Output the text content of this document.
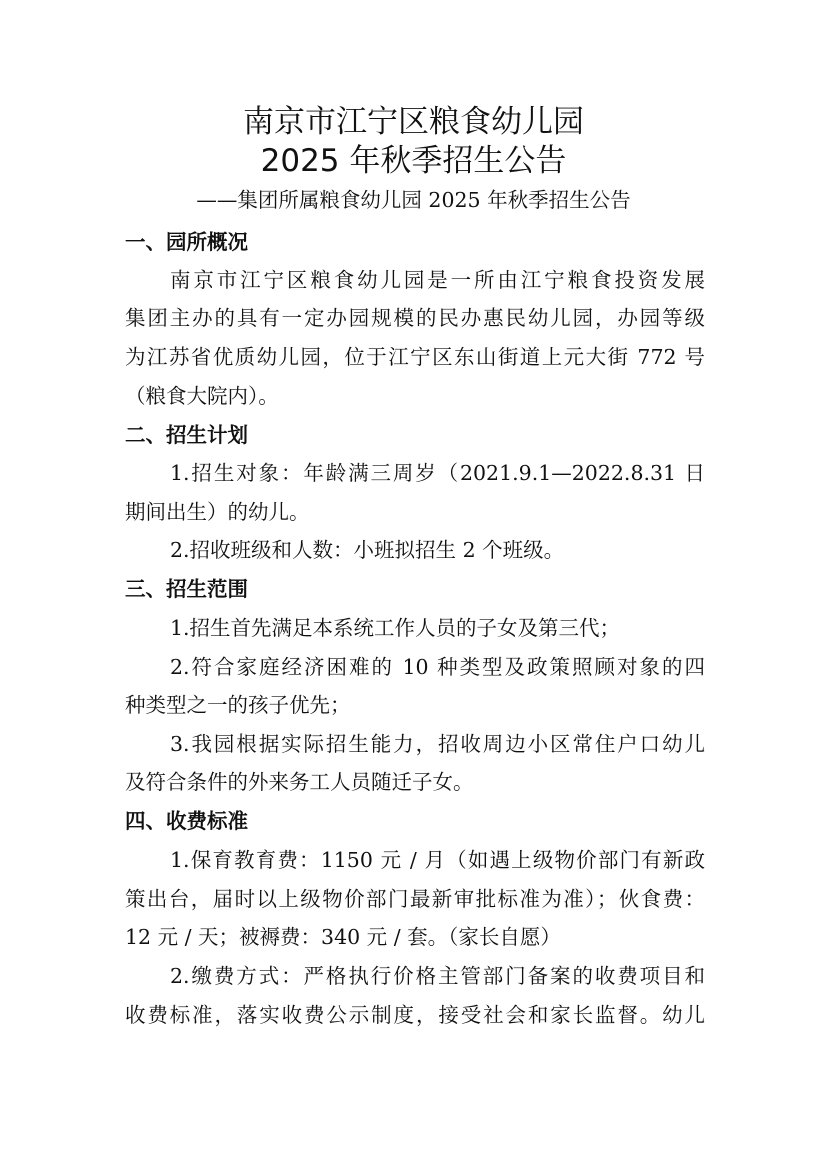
南京市江宁区粮食幼儿园
2025 年秋季招生公告
——集团所属粮食幼儿园 2025 年秋季招生公告
一、园所概况
南京市江宁区粮食幼儿园是一所由江宁粮食投资发展
集团主办的具有一定办园规模的民办惠民幼儿园，办园等级
为江苏省优质幼儿园，位于江宁区东山街道上元大街 772 号
（粮食大院内）。
二、招生计划
1.招生对象：年龄满三周岁（2021.9.1—2022.8.31 日
期间出生）的幼儿。
2.招收班级和人数：小班拟招生 2 个班级。
三、招生范围
1.招生首先满足本系统工作人员的子女及第三代；
2.符合家庭经济困难的 10 种类型及政策照顾对象的四
种类型之一的孩子优先；
3.我园根据实际招生能力，招收周边小区常住户口幼儿
及符合条件的外来务工人员随迁子女。
四、收费标准
1.保育教育费：1150 元 / 月（如遇上级物价部门有新政
策出台，届时以上级物价部门最新审批标准为准）；伙食费：
12 元 / 天；被褥费：340 元 / 套。（家长自愿）
2.缴费方式：严格执行价格主管部门备案的收费项目和
收费标准，落实收费公示制度，接受社会和家长监督。幼儿
